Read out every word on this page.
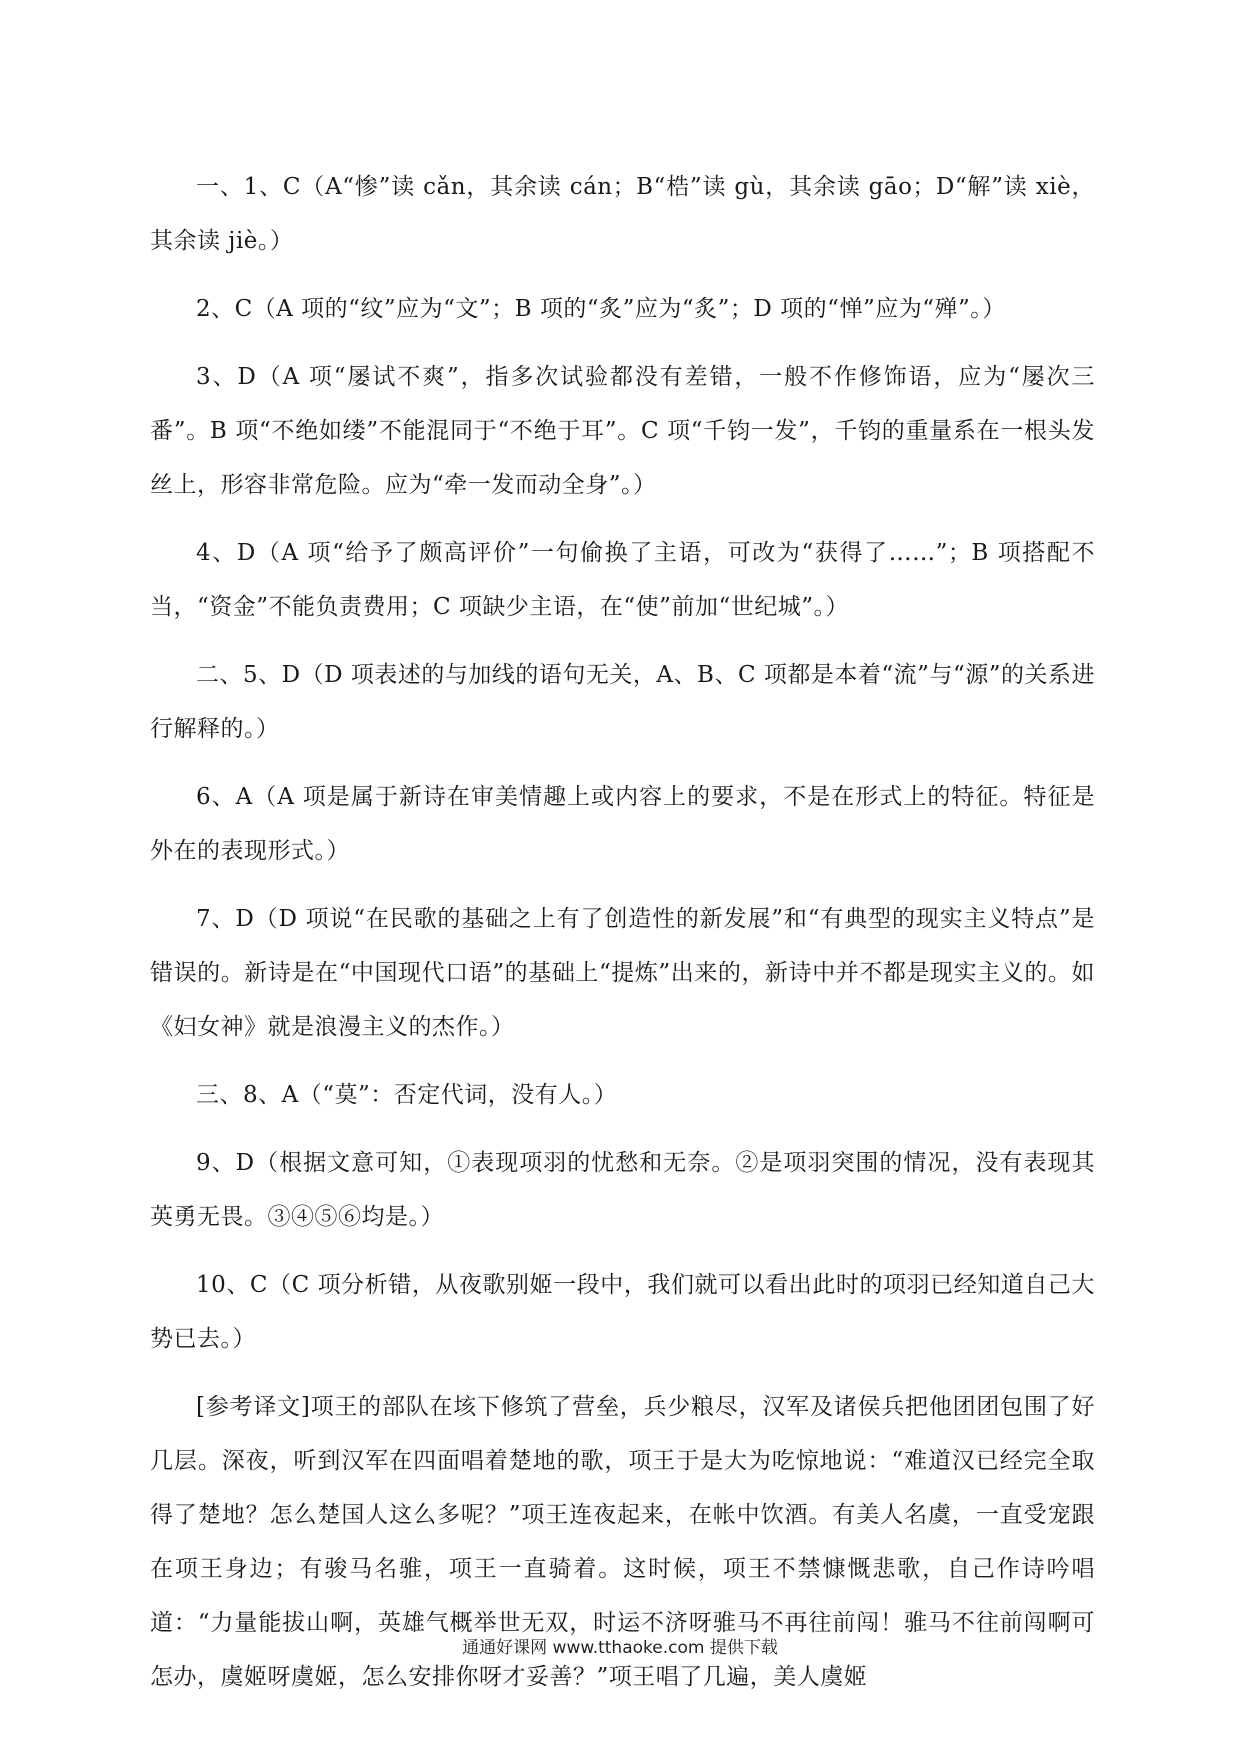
一、1、C（A“惨”读 cǎn，其余读 cán；B“梏”读 gù，其余读 gāo；D“解”读 xiè，其余读 jiè。）

2、C（A 项的“纹”应为“文”；B 项的“炙”应为“炙”；D 项的“惮”应为“殚”。）

3、D（A 项“屡试不爽”，指多次试验都没有差错，一般不作修饰语，应为“屡次三番”。B 项“不绝如缕”不能混同于“不绝于耳”。C 项“千钧一发”，千钧的重量系在一根头发丝上，形容非常危险。应为“牵一发而动全身”。）

4、D（A 项“给予了颇高评价”一句偷换了主语，可改为“获得了……”；B 项搭配不当，“资金”不能负责费用；C 项缺少主语，在“使”前加“世纪城”。）

二、5、D（D 项表述的与加线的语句无关，A、B、C 项都是本着“流”与“源”的关系进行解释的。）

6、A（A 项是属于新诗在审美情趣上或内容上的要求，不是在形式上的特征。特征是外在的表现形式。）

7、D（D 项说“在民歌的基础之上有了创造性的新发展”和“有典型的现实主义特点”是错误的。新诗是在“中国现代口语”的基础上“提炼”出来的，新诗中并不都是现实主义的。如《妇女神》就是浪漫主义的杰作。）

三、8、A（“莫”：否定代词，没有人。）

9、D（根据文意可知，①表现项羽的忧愁和无奈。②是项羽突围的情况，没有表现其英勇无畏。③④⑤⑥均是。）

10、C（C 项分析错，从夜歌别姬一段中，我们就可以看出此时的项羽已经知道自己大势已去。）

[参考译文]项王的部队在垓下修筑了营垒，兵少粮尽，汉军及诸侯兵把他团团包围了好几层。深夜，听到汉军在四面唱着楚地的歌，项王于是大为吃惊地说：“难道汉已经完全取得了楚地？怎么楚国人这么多呢？”项王连夜起来，在帐中饮酒。有美人名虞，一直受宠跟在项王身边；有骏马名骓，项王一直骑着。这时候，项王不禁慷慨悲歌，自己作诗吟唱道：“力量能拔山啊，英雄气概举世无双，时运不济呀骓马不再往前闯！骓马不往前闯啊可怎办，虞姬呀虞姬，怎么安排你呀才妥善？”项王唱了几遍，美人虞姬

通通好课网 www.tthaoke.com 提供下载
